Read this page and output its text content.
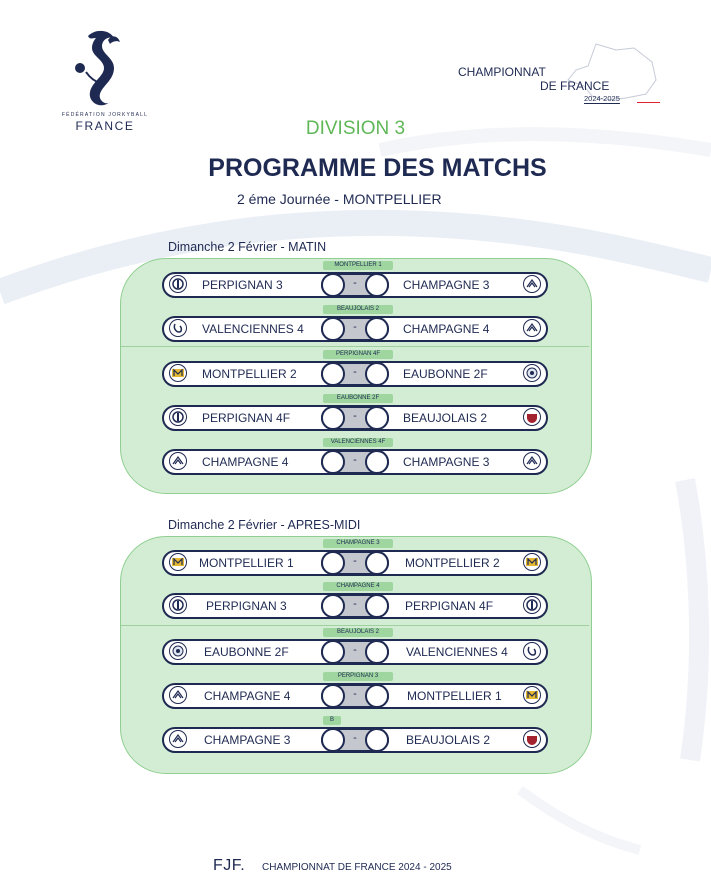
FÉDÉRATION JORKYBALL
FRANCE
CHAMPIONNAT
DE FRANCE
2024-2025
DIVISION 3
PROGRAMME DES MATCHS
2 éme Journée - MONTPELLIER
Dimanche 2 Février - MATIN
MONTPELLIER 1
PERPIGNAN 3	-	CHAMPAGNE 3
BEAUJOLAIS 2
VALENCIENNES 4	-	CHAMPAGNE 4
PERPIGNAN 4F
MONTPELLIER 2	-	EAUBONNE 2F
EAUBONNE 2F
PERPIGNAN 4F	-	BEAUJOLAIS 2
VALENCIENNES 4F
CHAMPAGNE 4	-	CHAMPAGNE 3
Dimanche 2 Février - APRES-MIDI
CHAMPAGNE 3
MONTPELLIER 1	-	MONTPELLIER 2
CHAMPAGNE 4
PERPIGNAN 3	-	PERPIGNAN 4F
BEAUJOLAIS 2
EAUBONNE 2F	-	VALENCIENNES 4
PERPIGNAN 3
CHAMPAGNE 4	-	MONTPELLIER 1
B
CHAMPAGNE 3	-	BEAUJOLAIS 2
FJF. CHAMPIONNAT DE FRANCE 2024 - 2025
